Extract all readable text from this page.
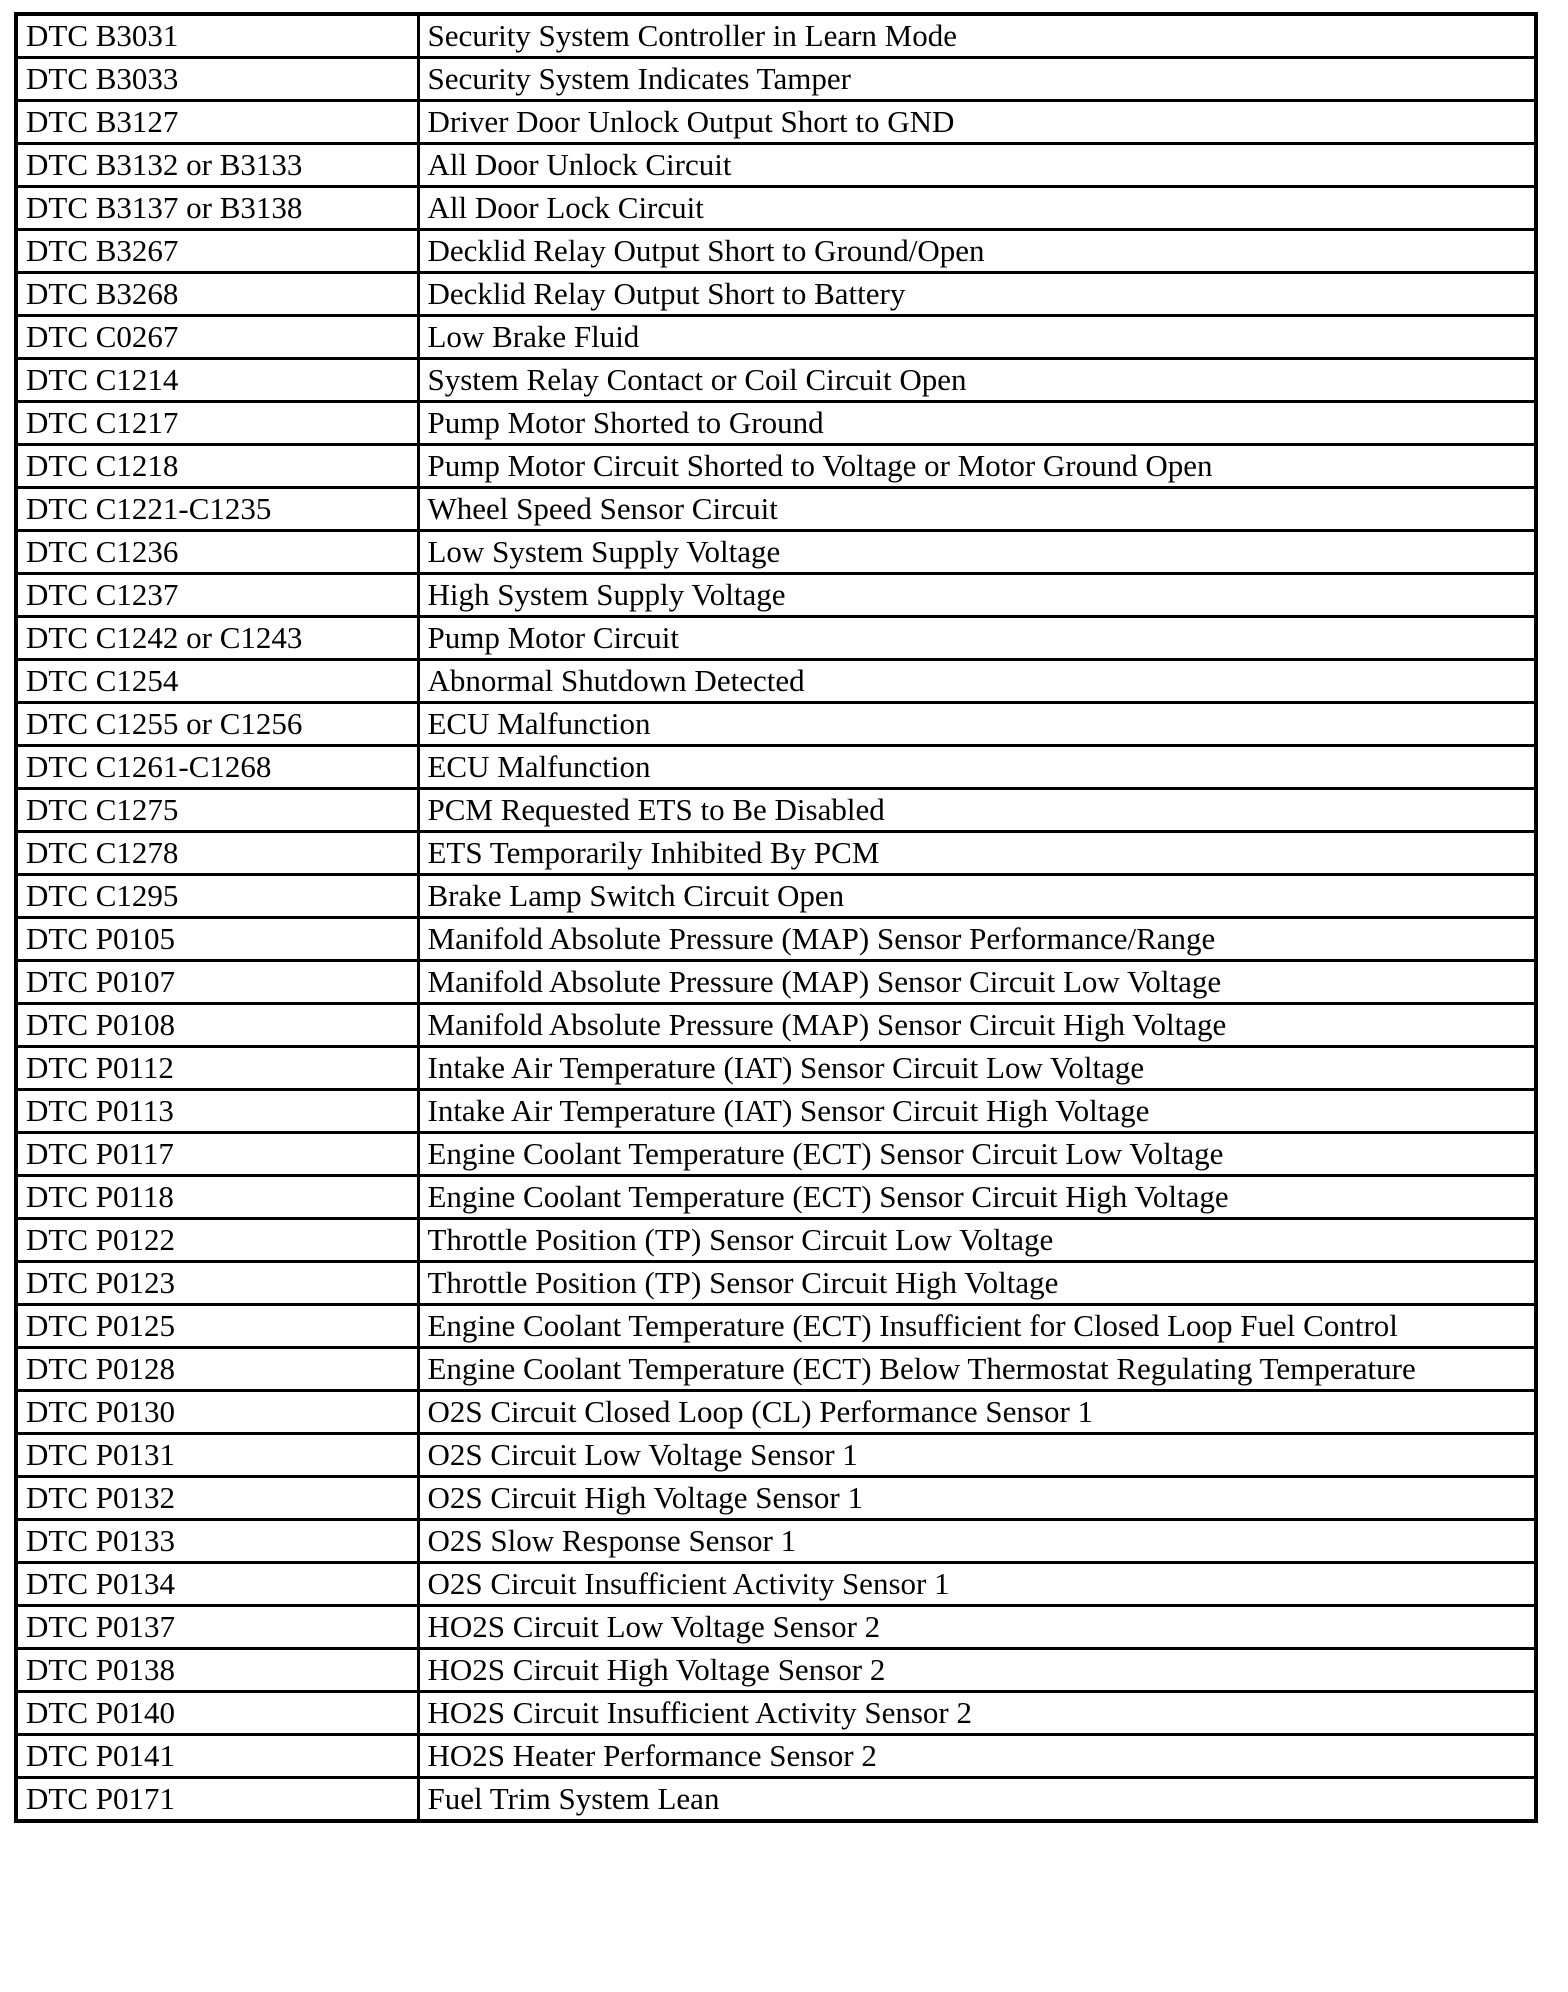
DTC B3031	Security System Controller in Learn Mode
DTC B3033	Security System Indicates Tamper
DTC B3127	Driver Door Unlock Output Short to GND
DTC B3132 or B3133	All Door Unlock Circuit
DTC B3137 or B3138	All Door Lock Circuit
DTC B3267	Decklid Relay Output Short to Ground/Open
DTC B3268	Decklid Relay Output Short to Battery
DTC C0267	Low Brake Fluid
DTC C1214	System Relay Contact or Coil Circuit Open
DTC C1217	Pump Motor Shorted to Ground
DTC C1218	Pump Motor Circuit Shorted to Voltage or Motor Ground Open
DTC C1221-C1235	Wheel Speed Sensor Circuit
DTC C1236	Low System Supply Voltage
DTC C1237	High System Supply Voltage
DTC C1242 or C1243	Pump Motor Circuit
DTC C1254	Abnormal Shutdown Detected
DTC C1255 or C1256	ECU Malfunction
DTC C1261-C1268	ECU Malfunction
DTC C1275	PCM Requested ETS to Be Disabled
DTC C1278	ETS Temporarily Inhibited By PCM
DTC C1295	Brake Lamp Switch Circuit Open
DTC P0105	Manifold Absolute Pressure (MAP) Sensor Performance/Range
DTC P0107	Manifold Absolute Pressure (MAP) Sensor Circuit Low Voltage
DTC P0108	Manifold Absolute Pressure (MAP) Sensor Circuit High Voltage
DTC P0112	Intake Air Temperature (IAT) Sensor Circuit Low Voltage
DTC P0113	Intake Air Temperature (IAT) Sensor Circuit High Voltage
DTC P0117	Engine Coolant Temperature (ECT) Sensor Circuit Low Voltage
DTC P0118	Engine Coolant Temperature (ECT) Sensor Circuit High Voltage
DTC P0122	Throttle Position (TP) Sensor Circuit Low Voltage
DTC P0123	Throttle Position (TP) Sensor Circuit High Voltage
DTC P0125	Engine Coolant Temperature (ECT) Insufficient for Closed Loop Fuel Control
DTC P0128	Engine Coolant Temperature (ECT) Below Thermostat Regulating Temperature
DTC P0130	O2S Circuit Closed Loop (CL) Performance Sensor 1
DTC P0131	O2S Circuit Low Voltage Sensor 1
DTC P0132	O2S Circuit High Voltage Sensor 1
DTC P0133	O2S Slow Response Sensor 1
DTC P0134	O2S Circuit Insufficient Activity Sensor 1
DTC P0137	HO2S Circuit Low Voltage Sensor 2
DTC P0138	HO2S Circuit High Voltage Sensor 2
DTC P0140	HO2S Circuit Insufficient Activity Sensor 2
DTC P0141	HO2S Heater Performance Sensor 2
DTC P0171	Fuel Trim System Lean
